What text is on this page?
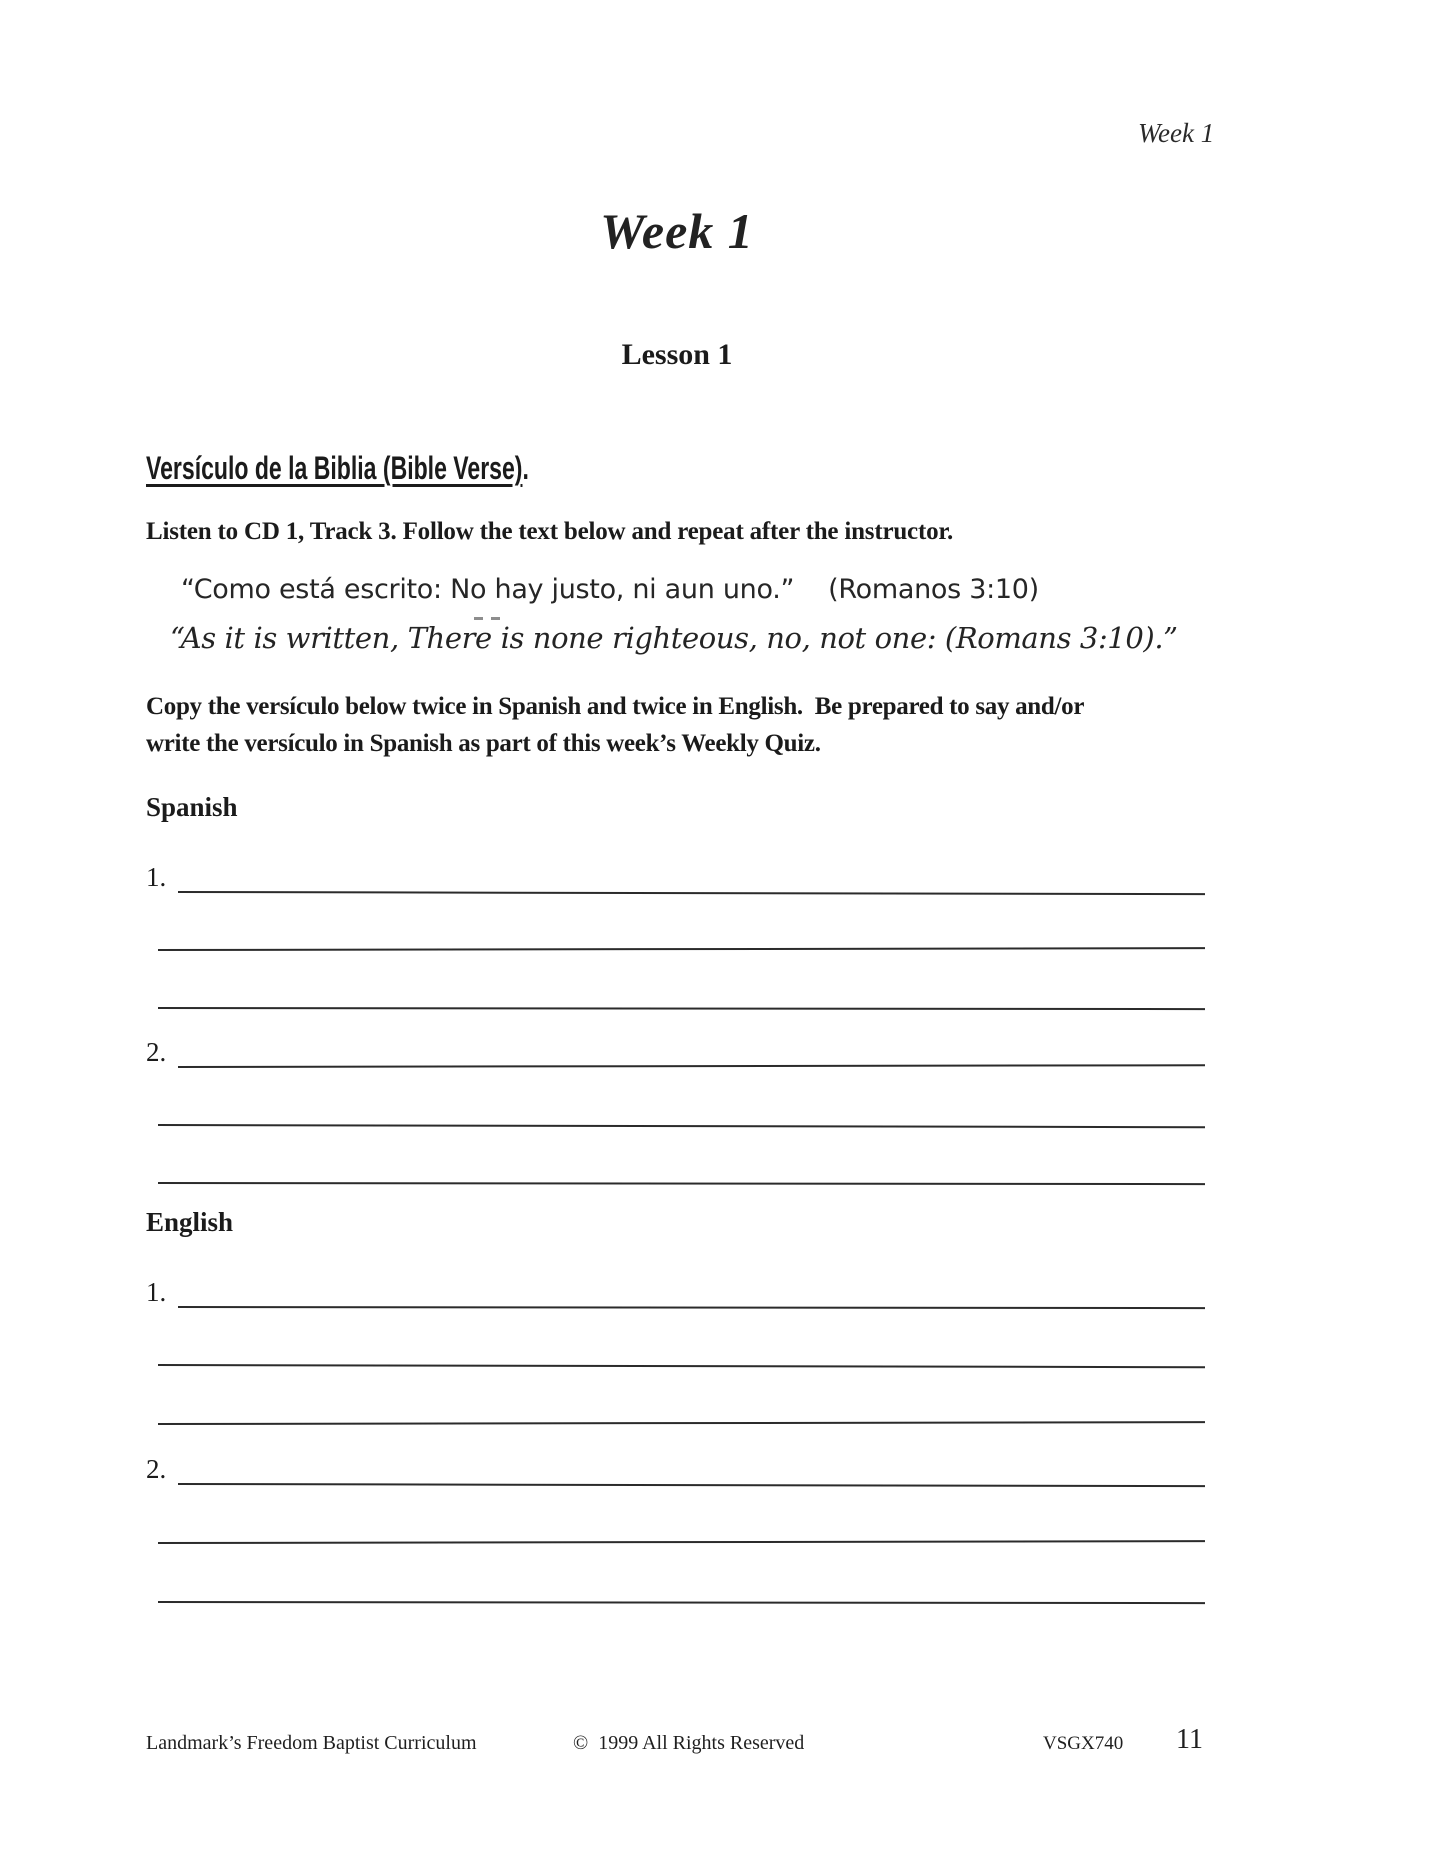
Week 1
Week 1
Lesson 1
Versículo de la Biblia (Bible Verse).
Listen to CD 1, Track 3. Follow the text below and repeat after the instructor.
“Como está escrito: No hay justo, ni aun uno.” (Romanos 3:10)
“As it is written, There is none righteous, no, not one: (Romans 3:10).”
Copy the versículo below twice in Spanish and twice in English.  Be prepared to say and/or
write the versículo in Spanish as part of this week’s Weekly Quiz.
Spanish
1.
2.
English
1.
2.
Landmark’s Freedom Baptist Curriculum	©  1999 All Rights Reserved	VSGX740 11
